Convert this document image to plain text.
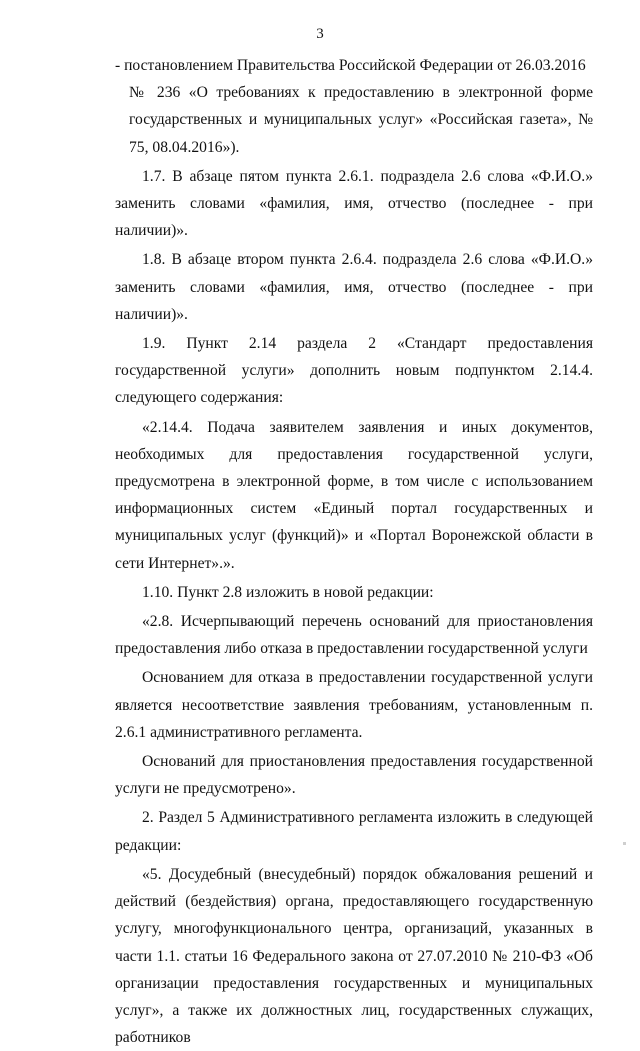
3

- постановлением Правительства Российской Федерации от 26.03.2016

№ 236 «О требованиях к предоставлению в электронной форме государственных и муниципальных услуг» «Российская газета», № 75, 08.04.2016»).

1.7. В абзаце пятом пункта 2.6.1. подраздела 2.6 слова «Ф.И.О.» заменить словами «фамилия, имя, отчество (последнее - при наличии)».

1.8. В абзаце втором пункта 2.6.4. подраздела 2.6 слова «Ф.И.О.» заменить словами «фамилия, имя, отчество (последнее - при наличии)».

1.9. Пункт 2.14 раздела 2 «Стандарт предоставления государственной услуги» дополнить новым подпунктом 2.14.4. следующего содержания:

«2.14.4. Подача заявителем заявления и иных документов, необходимых для предоставления государственной услуги, предусмотрена в электронной форме, в том числе с использованием информационных систем «Единый портал государственных и муниципальных услуг (функций)» и «Портал Воронежской области в сети Интернет».».

1.10. Пункт 2.8 изложить в новой редакции:

«2.8. Исчерпывающий перечень оснований для приостановления предоставления либо отказа в предоставлении государственной услуги

Основанием для отказа в предоставлении государственной услуги является несоответствие заявления требованиям, установленным п. 2.6.1 административного регламента.

Оснований для приостановления предоставления государственной услуги не предусмотрено».

2. Раздел 5 Административного регламента изложить в следующей редакции:

«5. Досудебный (внесудебный) порядок обжалования решений и действий (бездействия) органа, предоставляющего государственную услугу, многофункционального центра, организаций, указанных в части 1.1. статьи 16 Федерального закона от 27.07.2010 № 210-ФЗ «Об организации предоставления государственных и муниципальных услуг», а также их должностных лиц, государственных служащих, работников
